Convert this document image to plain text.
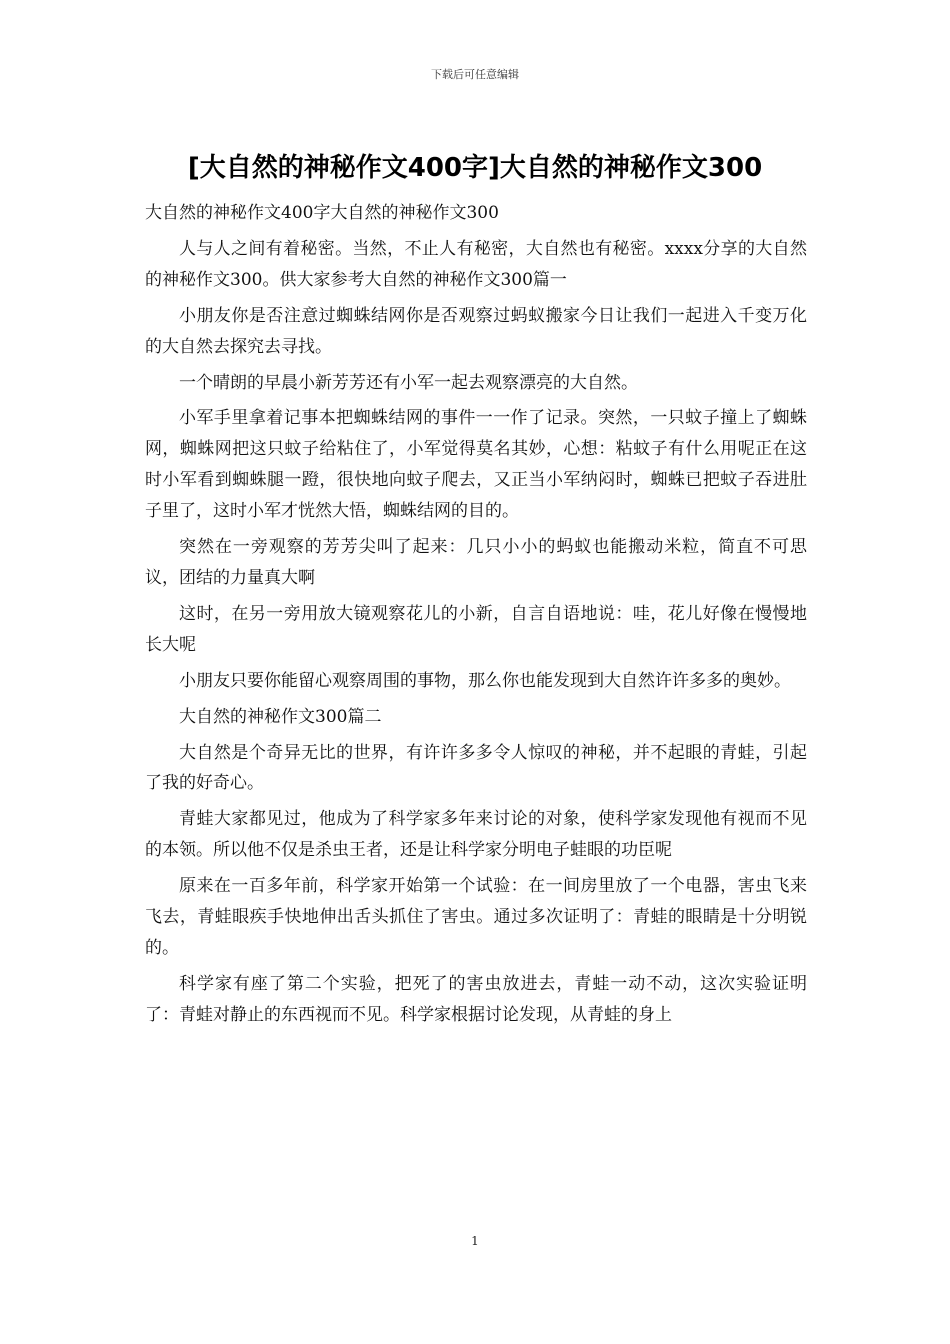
下载后可任意编辑
[大自然的神秘作文400字]大自然的神秘作文300

大自然的神秘作文400字大自然的神秘作文300

人与人之间有着秘密。当然，不止人有秘密，大自然也有秘密。xxxx分享的大自然的神秘作文300。供大家参考大自然的神秘作文300篇一

小朋友你是否注意过蜘蛛结网你是否观察过蚂蚁搬家今日让我们一起进入千变万化的大自然去探究去寻找。

一个晴朗的早晨小新芳芳还有小军一起去观察漂亮的大自然。

小军手里拿着记事本把蜘蛛结网的事件一一作了记录。突然，一只蚊子撞上了蜘蛛网，蜘蛛网把这只蚊子给粘住了，小军觉得莫名其妙，心想：粘蚊子有什么用呢正在这时小军看到蜘蛛腿一蹬，很快地向蚊子爬去，又正当小军纳闷时，蜘蛛已把蚊子吞进肚子里了，这时小军才恍然大悟，蜘蛛结网的目的。

突然在一旁观察的芳芳尖叫了起来：几只小小的蚂蚁也能搬动米粒，简直不可思议，团结的力量真大啊

这时，在另一旁用放大镜观察花儿的小新，自言自语地说：哇，花儿好像在慢慢地长大呢

小朋友只要你能留心观察周围的事物，那么你也能发现到大自然许许多多的奥妙。

大自然的神秘作文300篇二

大自然是个奇异无比的世界，有许许多多令人惊叹的神秘，并不起眼的青蛙，引起了我的好奇心。

青蛙大家都见过，他成为了科学家多年来讨论的对象，使科学家发现他有视而不见的本领。所以他不仅是杀虫王者，还是让科学家分明电子蛙眼的功臣呢

原来在一百多年前，科学家开始第一个试验：在一间房里放了一个电器，害虫飞来飞去，青蛙眼疾手快地伸出舌头抓住了害虫。通过多次证明了：青蛙的眼睛是十分明锐的。

科学家有座了第二个实验，把死了的害虫放进去，青蛙一动不动，这次实验证明了：青蛙对静止的东西视而不见。科学家根据讨论发现，从青蛙的身上

1
